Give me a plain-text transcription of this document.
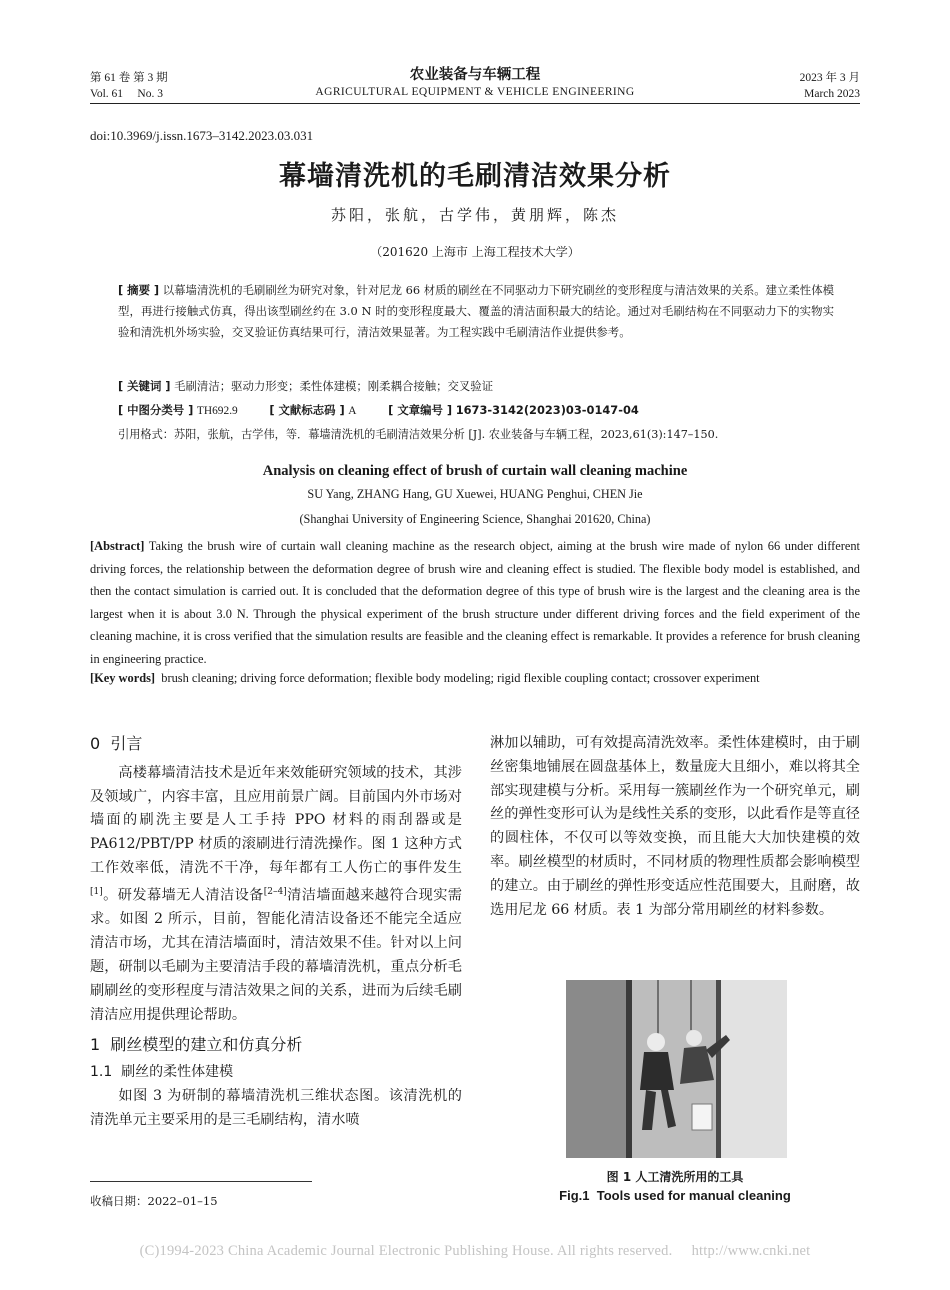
第 61 卷 第 3 期
Vol. 61     No. 3
农业装备与车辆工程
AGRICULTURAL EQUIPMENT & VEHICLE ENGINEERING
2023 年 3 月
March 2023
doi:10.3969/j.issn.1673–3142.2023.03.031
幕墙清洗机的毛刷清洁效果分析
苏阳，张航，古学伟，黄朋辉，陈杰
（201620 上海市 上海工程技术大学）
[ 摘要 ] 以幕墙清洗机的毛刷刷丝为研究对象，针对尼龙 66 材质的刷丝在不同驱动力下研究刷丝的变形程度与清洁效果的关系。建立柔性体模型，再进行接触式仿真，得出该型刷丝约在 3.0 N 时的变形程度最大、覆盖的清洁面积最大的结论。通过对毛刷结构在不同驱动力下的实物实验和清洗机外场实验，交叉验证仿真结果可行，清洁效果显著。为工程实践中毛刷清洁作业提供参考。
[ 关键词 ] 毛刷清洁；驱动力形变；柔性体建模；刚柔耦合接触；交叉验证
[ 中图分类号 ] TH692.9	[ 文献标志码 ] A	[ 文章编号 ] 1673-3142(2023)03-0147-04
引用格式：苏阳，张航，古学伟，等．幕墙清洗机的毛刷清洁效果分析 [J]. 农业装备与车辆工程，2023,61(3):147–150.
Analysis on cleaning effect of brush of curtain wall cleaning machine
SU Yang, ZHANG Hang, GU Xuewei, HUANG Penghui, CHEN Jie
(Shanghai University of Engineering Science, Shanghai 201620, China)
[Abstract] Taking the brush wire of curtain wall cleaning machine as the research object, aiming at the brush wire made of nylon 66 under different driving forces, the relationship between the deformation degree of brush wire and cleaning effect is studied. The flexible body model is established, and then the contact simulation is carried out. It is concluded that the deformation degree of this type of brush wire is the largest and the cleaning area is the largest when it is about 3.0 N. Through the physical experiment of the brush structure under different driving forces and the field experiment of the cleaning machine, it is cross verified that the simulation results are feasible and the cleaning effect is remarkable. It provides a reference for brush cleaning in engineering practice.
[Key words]  brush cleaning; driving force deformation; flexible body modeling; rigid flexible coupling contact; crossover experiment
0  引言

高楼幕墙清洁技术是近年来效能研究领域的技术，其涉及领域广，内容丰富，且应用前景广阔。目前国内外市场对墙面的刷洗主要是人工手持 PPO 材料的雨刮器或是 PA612/PBT/PP 材质的滚刷进行清洗操作。图 1 这种方式工作效率低，清洗不干净，每年都有工人伤亡的事件发生[1]。研发幕墙无人清洁设备[2–4]清洁墙面越来越符合现实需求。如图 2 所示，目前，智能化清洁设备还不能完全适应清洁市场，尤其在清洁墙面时，清洁效果不佳。针对以上问题，研制以毛刷为主要清洁手段的幕墙清洗机，重点分析毛刷刷丝的变形程度与清洁效果之间的关系，进而为后续毛刷清洁应用提供理论帮助。

1  刷丝模型的建立和仿真分析
1.1  刷丝的柔性体建模

如图 3 为研制的幕墙清洗机三维状态图。该清洗机的清洗单元主要采用的是三毛刷结构，清水喷

淋加以辅助，可有效提高清洗效率。柔性体建模时，由于刷丝密集地铺展在圆盘基体上，数量庞大且细小，难以将其全部实现建模与分析。采用每一簇刷丝作为一个研究单元，刷丝的弹性变形可认为是线性关系的变形，以此看作是等直径的圆柱体，不仅可以等效变换，而且能大大加快建模的效率。刷丝模型的材质时，不同材质的物理性质都会影响模型的建立。由于刷丝的弹性形变适应性范围要大，且耐磨，故选用尼龙 66 材质。表 1 为部分常用刷丝的材料参数。

图 1 人工清洗所用的工具
Fig.1  Tools used for manual cleaning
收稿日期：2022–01–15
(C)1994-2023 China Academic Journal Electronic Publishing House. All rights reserved.     http://www.cnki.net
